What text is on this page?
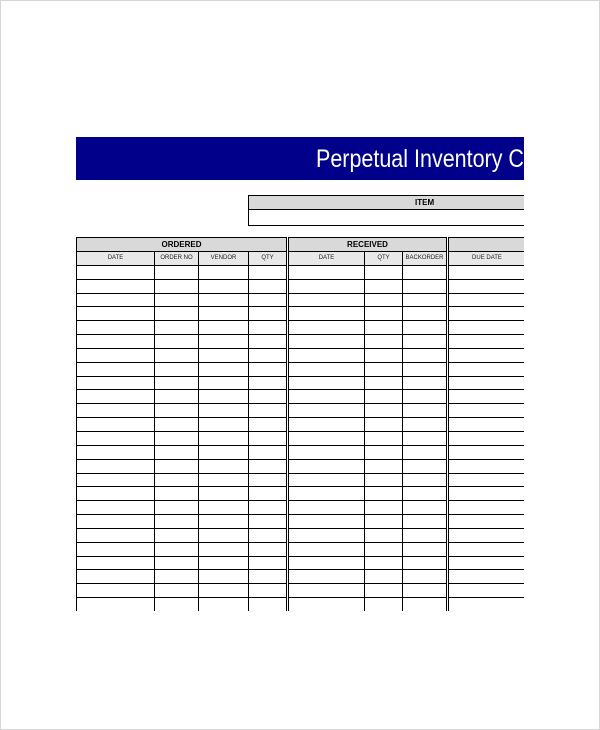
Perpetual Inventory C
ITEM
ORDERED				RECEIVED				
DATE	ORDER NO	VENDOR	QTY	DATE	QTY	BACKORDER	DUE DATE	
